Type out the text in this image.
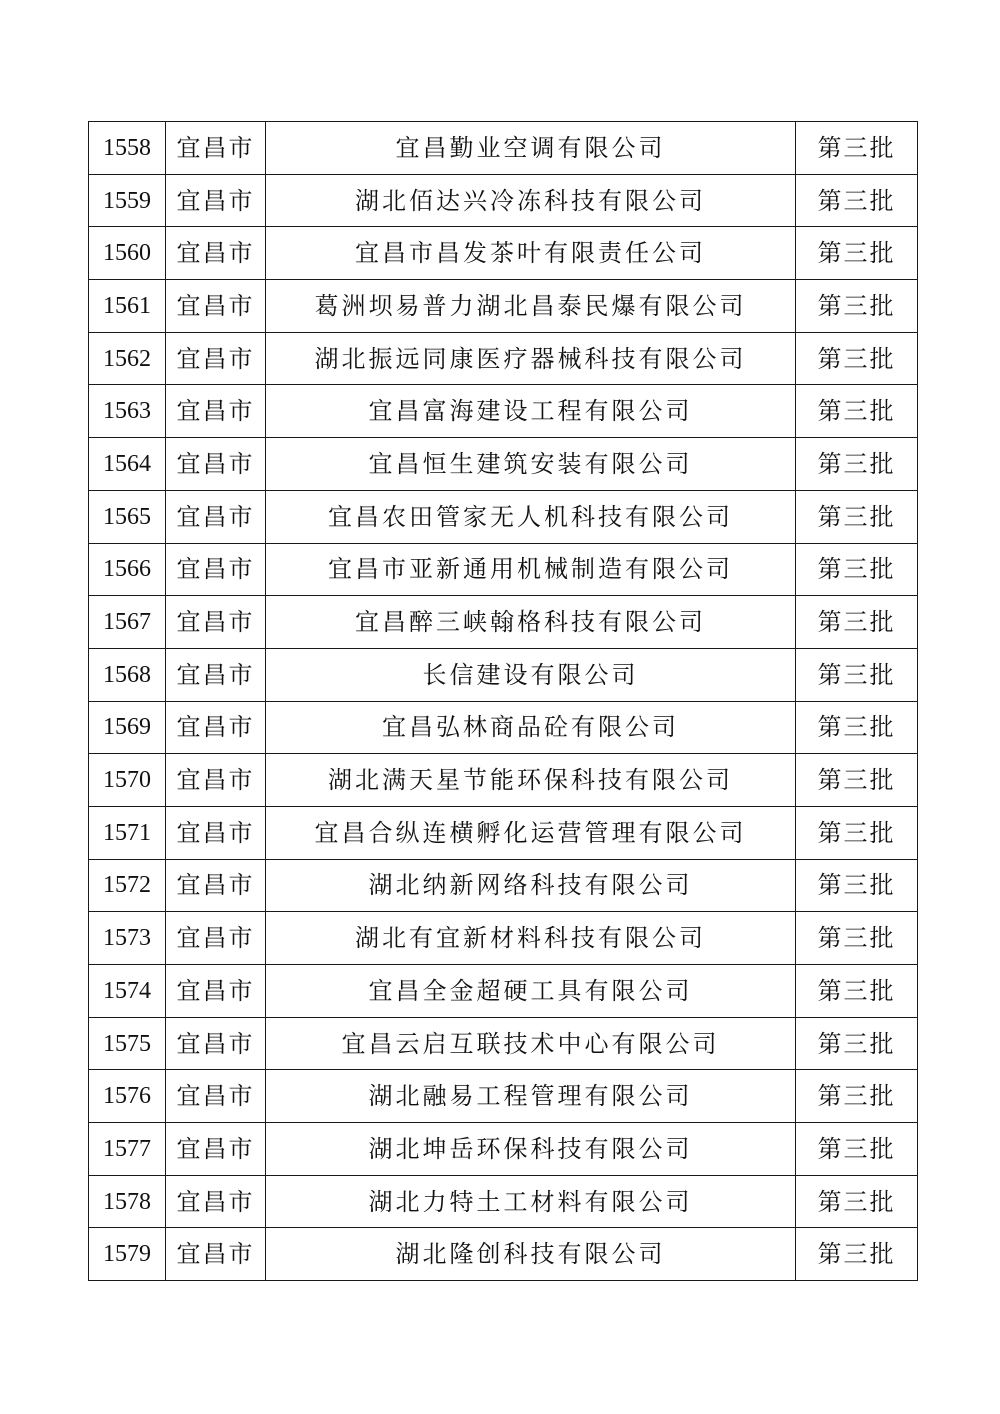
1558	宜昌市	宜昌勤业空调有限公司	第三批
1559	宜昌市	湖北佰达兴冷冻科技有限公司	第三批
1560	宜昌市	宜昌市昌发茶叶有限责任公司	第三批
1561	宜昌市	葛洲坝易普力湖北昌泰民爆有限公司	第三批
1562	宜昌市	湖北振远同康医疗器械科技有限公司	第三批
1563	宜昌市	宜昌富海建设工程有限公司	第三批
1564	宜昌市	宜昌恒生建筑安装有限公司	第三批
1565	宜昌市	宜昌农田管家无人机科技有限公司	第三批
1566	宜昌市	宜昌市亚新通用机械制造有限公司	第三批
1567	宜昌市	宜昌醉三峡翰格科技有限公司	第三批
1568	宜昌市	长信建设有限公司	第三批
1569	宜昌市	宜昌弘林商品砼有限公司	第三批
1570	宜昌市	湖北满天星节能环保科技有限公司	第三批
1571	宜昌市	宜昌合纵连横孵化运营管理有限公司	第三批
1572	宜昌市	湖北纳新网络科技有限公司	第三批
1573	宜昌市	湖北有宜新材料科技有限公司	第三批
1574	宜昌市	宜昌全金超硬工具有限公司	第三批
1575	宜昌市	宜昌云启互联技术中心有限公司	第三批
1576	宜昌市	湖北融易工程管理有限公司	第三批
1577	宜昌市	湖北坤岳环保科技有限公司	第三批
1578	宜昌市	湖北力特土工材料有限公司	第三批
1579	宜昌市	湖北隆创科技有限公司	第三批
